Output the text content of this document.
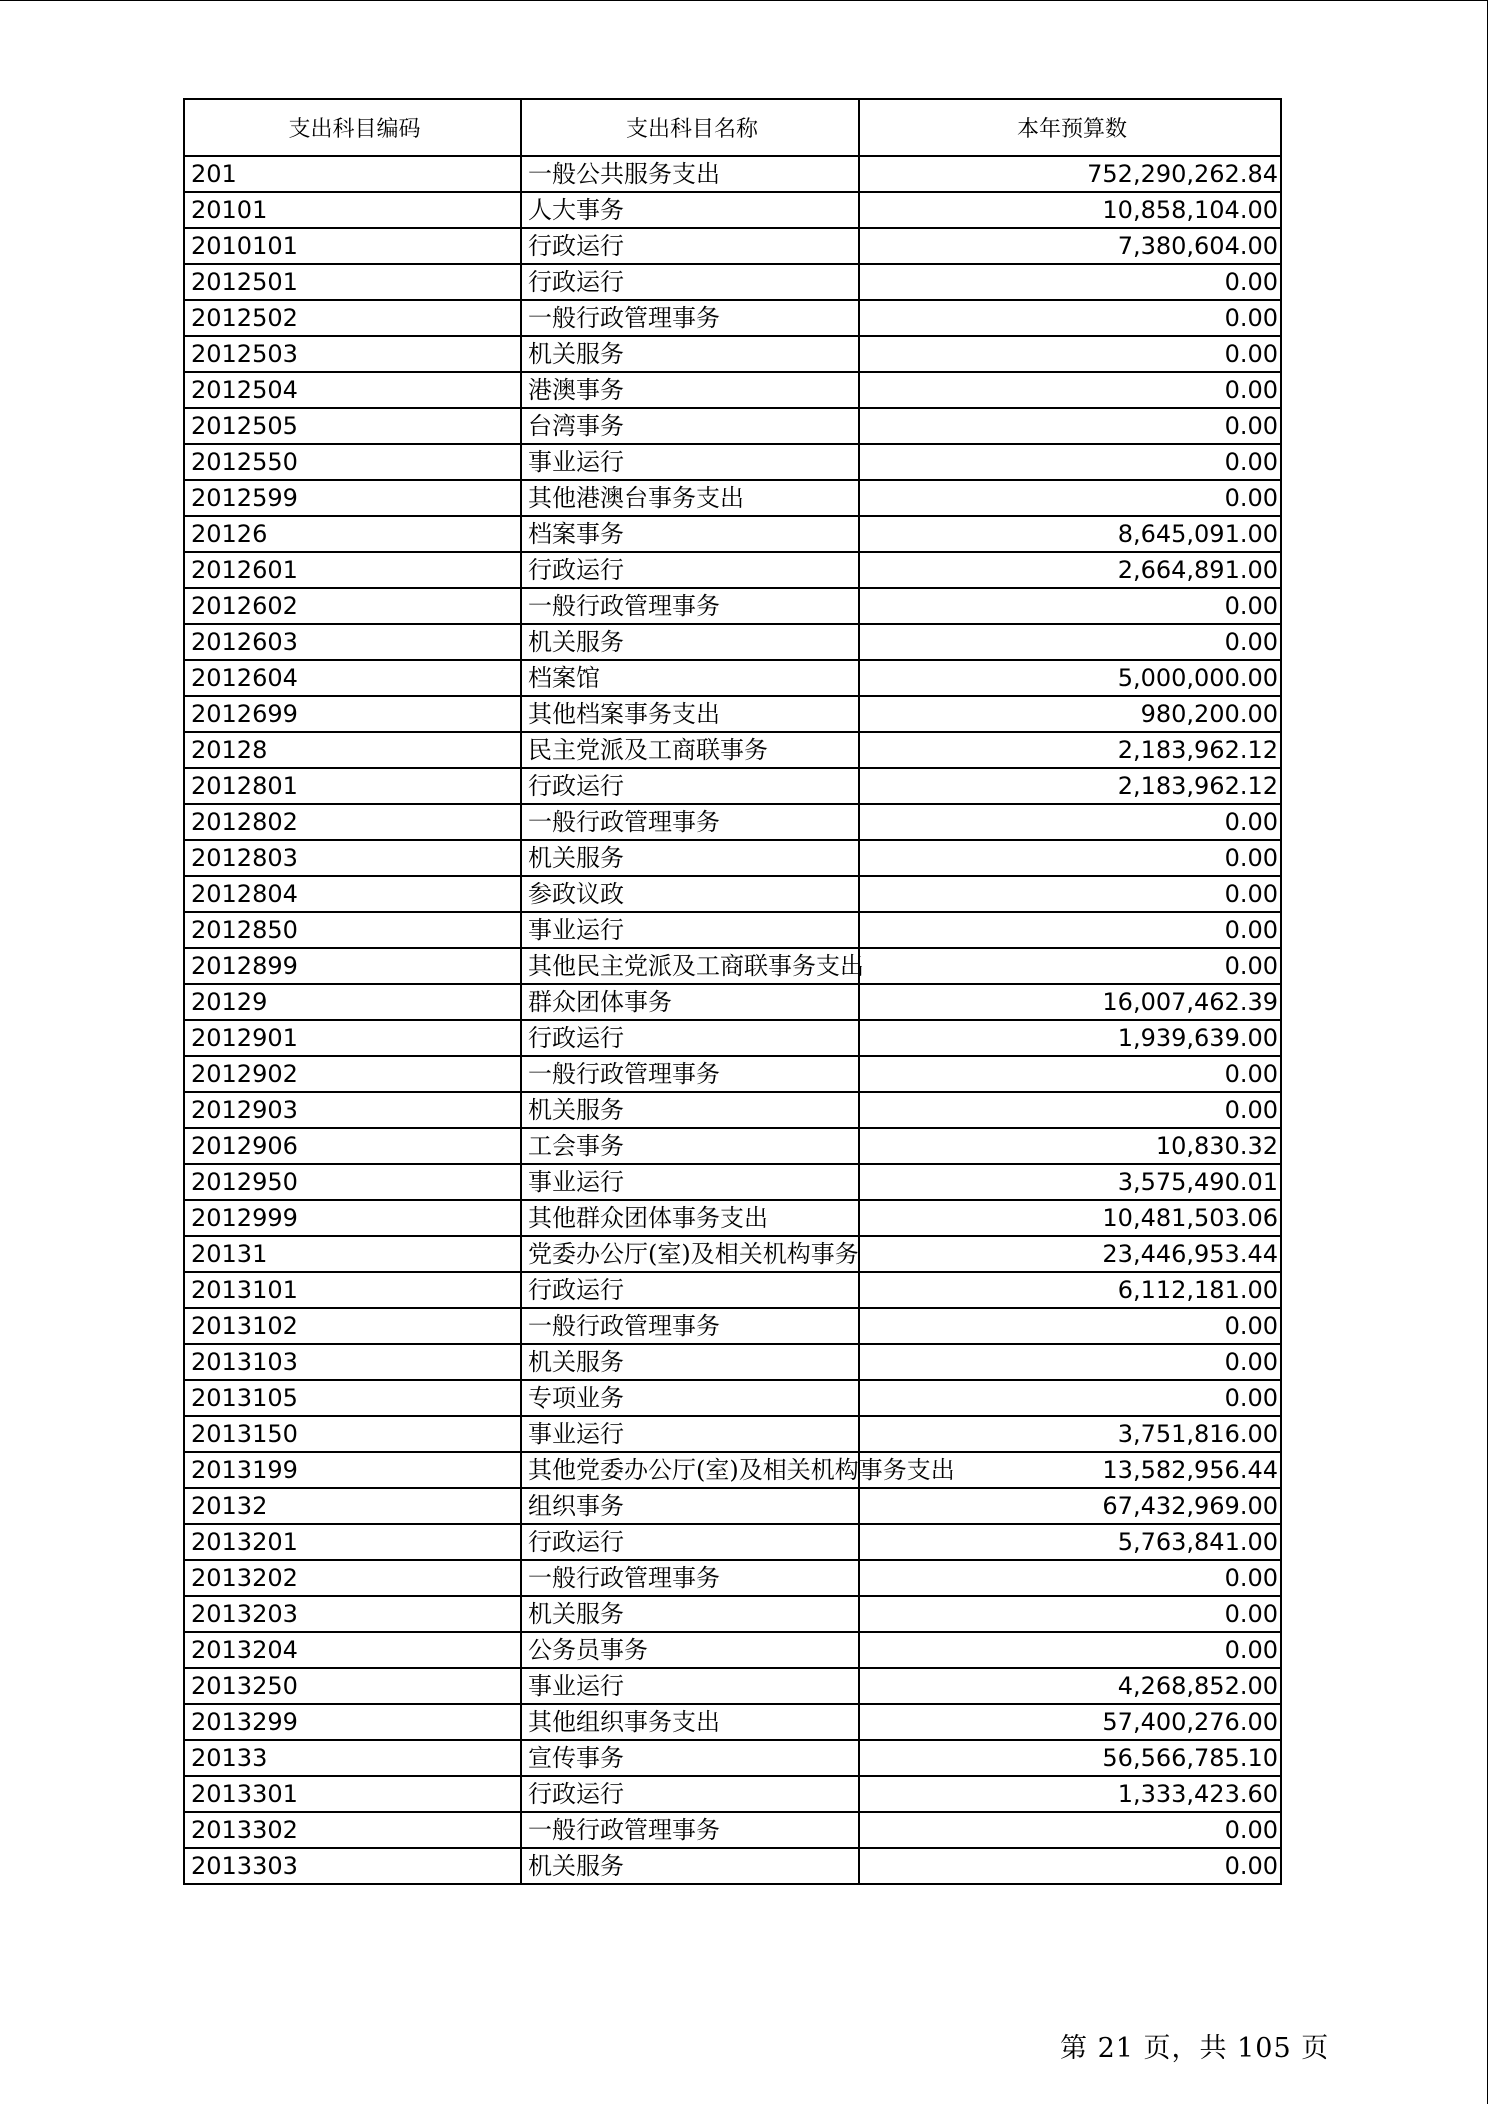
支出科目编码	支出科目名称	本年预算数
201	一般公共服务支出	752,290,262.84
20101	人大事务	10,858,104.00
2010101	行政运行	7,380,604.00
2012501	行政运行	0.00
2012502	一般行政管理事务	0.00
2012503	机关服务	0.00
2012504	港澳事务	0.00
2012505	台湾事务	0.00
2012550	事业运行	0.00
2012599	其他港澳台事务支出	0.00
20126	档案事务	8,645,091.00
2012601	行政运行	2,664,891.00
2012602	一般行政管理事务	0.00
2012603	机关服务	0.00
2012604	档案馆	5,000,000.00
2012699	其他档案事务支出	980,200.00
20128	民主党派及工商联事务	2,183,962.12
2012801	行政运行	2,183,962.12
2012802	一般行政管理事务	0.00
2012803	机关服务	0.00
2012804	参政议政	0.00
2012850	事业运行	0.00
2012899	其他民主党派及工商联事务支出	0.00
20129	群众团体事务	16,007,462.39
2012901	行政运行	1,939,639.00
2012902	一般行政管理事务	0.00
2012903	机关服务	0.00
2012906	工会事务	10,830.32
2012950	事业运行	3,575,490.01
2012999	其他群众团体事务支出	10,481,503.06
20131	党委办公厅(室)及相关机构事务	23,446,953.44
2013101	行政运行	6,112,181.00
2013102	一般行政管理事务	0.00
2013103	机关服务	0.00
2013105	专项业务	0.00
2013150	事业运行	3,751,816.00
2013199	其他党委办公厅(室)及相关机构事务支出	13,582,956.44
20132	组织事务	67,432,969.00
2013201	行政运行	5,763,841.00
2013202	一般行政管理事务	0.00
2013203	机关服务	0.00
2013204	公务员事务	0.00
2013250	事业运行	4,268,852.00
2013299	其他组织事务支出	57,400,276.00
20133	宣传事务	56,566,785.10
2013301	行政运行	1,333,423.60
2013302	一般行政管理事务	0.00
2013303	机关服务	0.00
第 21 页，共 105 页
